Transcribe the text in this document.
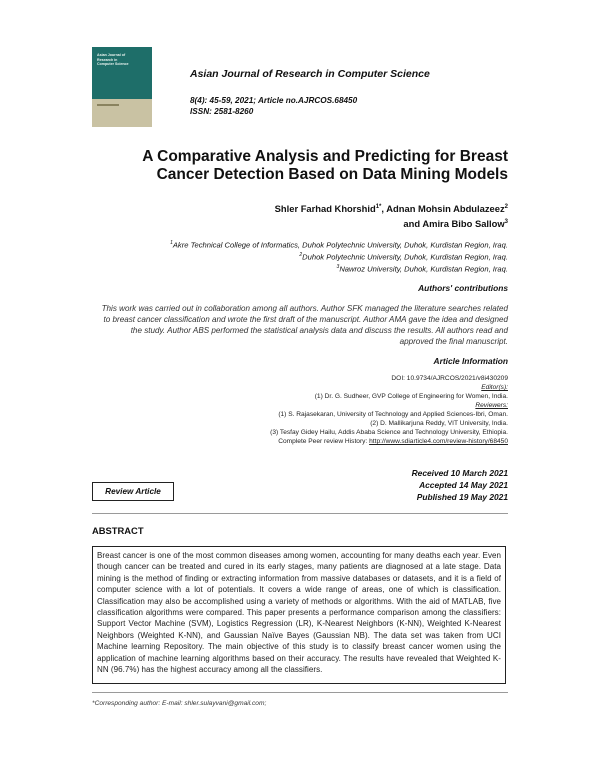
Asian Journal of
Research in
Computer Science
Asian Journal of Research in Computer Science
8(4): 45-59, 2021; Article no.AJRCOS.68450
ISSN: 2581-8260
A Comparative Analysis and Predicting for Breast
Cancer Detection Based on Data Mining Models
Shler Farhad Khorshid$^{1*}$, Adnan Mohsin Abdulazeez$^2$
and Amira Bibo Sallow$^3$
$^1$Akre Technical College of Informatics, Duhok Polytechnic University, Duhok, Kurdistan Region, Iraq.
$^2$Duhok Polytechnic University, Duhok, Kurdistan Region, Iraq.
$^3$Nawroz University, Duhok, Kurdistan Region, Iraq.
Authors' contributions
This work was carried out in collaboration among all authors. Author SFK managed the literature searches related to breast cancer classification and wrote the first draft of the manuscript. Author AMA gave the idea and designed the study. Author ABS performed the statistical analysis data and discuss the results. All authors read and approved the final manuscript.
Article Information
DOI: 10.9734/AJRCOS/2021/v8i430209
Editor(s):
(1) Dr. G. Sudheer, GVP College of Engineering for Women, India.
Reviewers:
(1) S. Rajasekaran, University of Technology and Applied Sciences-Ibri, Oman.
(2) D. Mallikarjuna Reddy, VIT University, India.
(3) Tesfay Gidey Hailu, Addis Ababa Science and Technology University, Ethiopia.
Complete Peer review History: http://www.sdiarticle4.com/review-history/68450
Received 10 March 2021
Accepted 14 May 2021
Published 19 May 2021
Review Article
ABSTRACT
Breast cancer is one of the most common diseases among women, accounting for many deaths each year. Even though cancer can be treated and cured in its early stages, many patients are diagnosed at a late stage. Data mining is the method of finding or extracting information from massive databases or datasets, and it is a field of computer science with a lot of potentials. It covers a wide range of areas, one of which is classification. Classification may also be accomplished using a variety of methods or algorithms. With the aid of MATLAB, five classification algorithms were compared. This paper presents a performance comparison among the classifiers: Support Vector Machine (SVM), Logistics Regression (LR), K-Nearest Neighbors (K-NN), Weighted K-Nearest Neighbors (Weighted K-NN), and Gaussian Naïve Bayes (Gaussian NB). The data set was taken from UCI Machine learning Repository. The main objective of this study is to classify breast cancer women using the application of machine learning algorithms based on their accuracy. The results have revealed that Weighted K-NN (96.7%) has the highest accuracy among all the classifiers.
*Corresponding author: E-mail: shler.sulayvani@gmail.com;
